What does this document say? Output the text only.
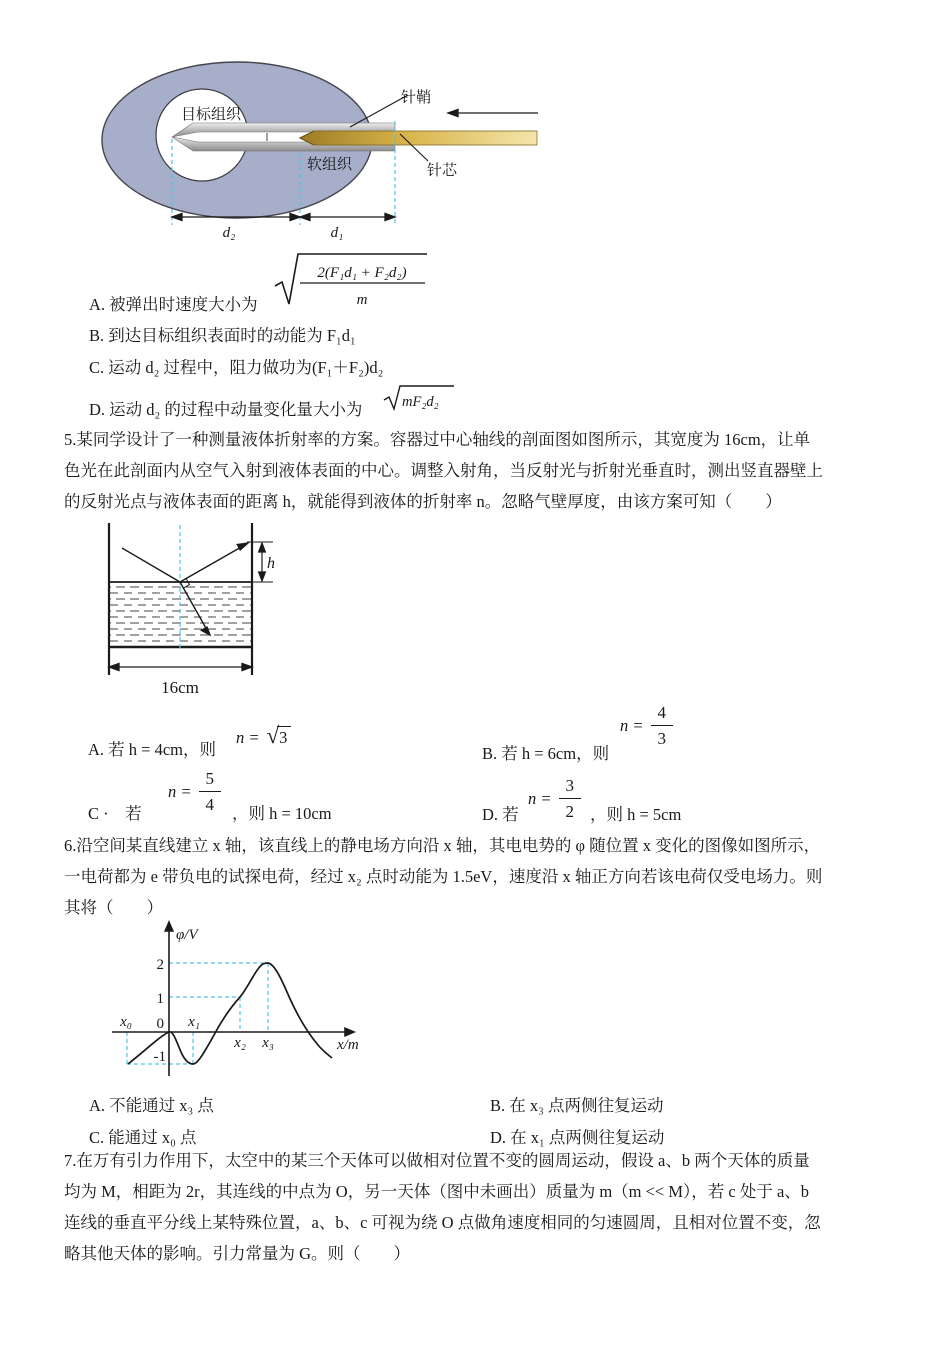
目标组织
针鞘
软组织	针芯
d₂	d₁
A. 被弹出时速度大小为
2(F₁d₁ + F₂d₂)
m
B. 到达目标组织表面时的动能为 F₁d₁
C. 运动 d₂ 过程中，阻力做功为(F₁＋F₂)d₂
D. 运动 d₂ 的过程中动量变化量大小为	mF₂d₂
5.某同学设计了一种测量液体折射率的方案。容器过中心轴线的剖面图如图所示，其宽度为 16cm，让单
色光在此剖面内从空气入射到液体表面的中心。调整入射角，当反射光与折射光垂直时，测出竖直器壁上
的反射光点与液体表面的距离 h，就能得到液体的折射率 n。忽略气壁厚度，由该方案可知（　　）
h
16cm
A. 若 h = 4cm，则
n = √ 3
B. 若 h = 6cm，则
$n = \frac{4}{3}$
C ·　若
$n = \frac{5}{4}$ ，则 h = 10cm	D. 若
$n = \frac{3}{2}$ ，则 h = 5cm
6.沿空间某直线建立 x 轴，该直线上的静电场方向沿 x 轴，其电电势的 φ 随位置 x 变化的图像如图所示，
一电荷都为 e 带负电的试探电荷，经过 x₂ 点时动能为 1.5eV，速度沿 x 轴正方向若该电荷仅受电场力。则
其将（　　）
φ/V
x/m
2
1
0
-1
x₀	x₁
x₂ x₃
A. 不能通过 x₃ 点	B. 在 x₃ 点两侧往复运动
C. 能通过 x₀ 点	D. 在 x₁ 点两侧往复运动
7.在万有引力作用下，太空中的某三个天体可以做相对位置不变的圆周运动，假设 a、b 两个天体的质量
均为 M，相距为 2r，其连线的中点为 O，另一天体（图中未画出）质量为 m（m << M），若 c 处于 a、b
连线的垂直平分线上某特殊位置，a、b、c 可视为绕 O 点做角速度相同的匀速圆周，且相对位置不变，忽
略其他天体的影响。引力常量为 G。则（　　）
